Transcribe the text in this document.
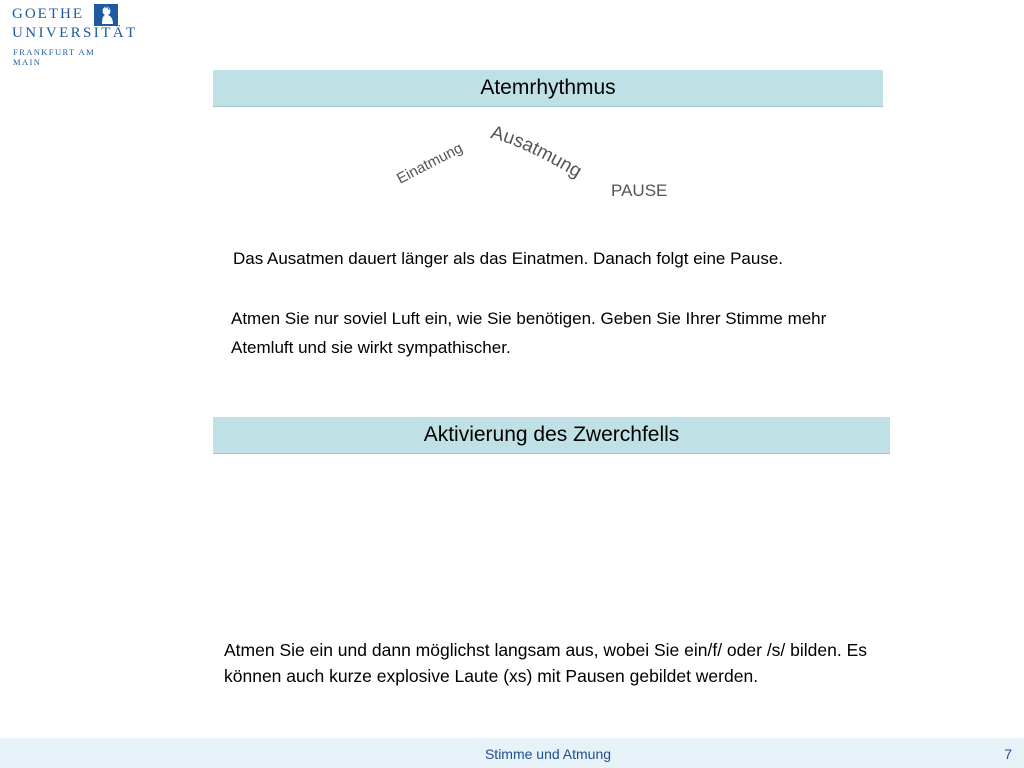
GOETHE
UNIVERSITÄT
FRANKFURT AM MAIN
Atemrhythmus
Einatmung
Ausatmung
PAUSE
Das Ausatmen dauert länger als das Einatmen. Danach folgt eine Pause.
Atmen Sie nur soviel Luft ein, wie Sie benötigen. Geben Sie Ihrer Stimme mehr Atemluft und sie wirkt sympathischer.
Aktivierung des Zwerchfells
Atmen Sie ein und dann möglichst langsam aus, wobei Sie ein/f/ oder /s/ bilden. Es können auch kurze explosive Laute (xs) mit Pausen gebildet werden.
Stimme und Atmung	7
